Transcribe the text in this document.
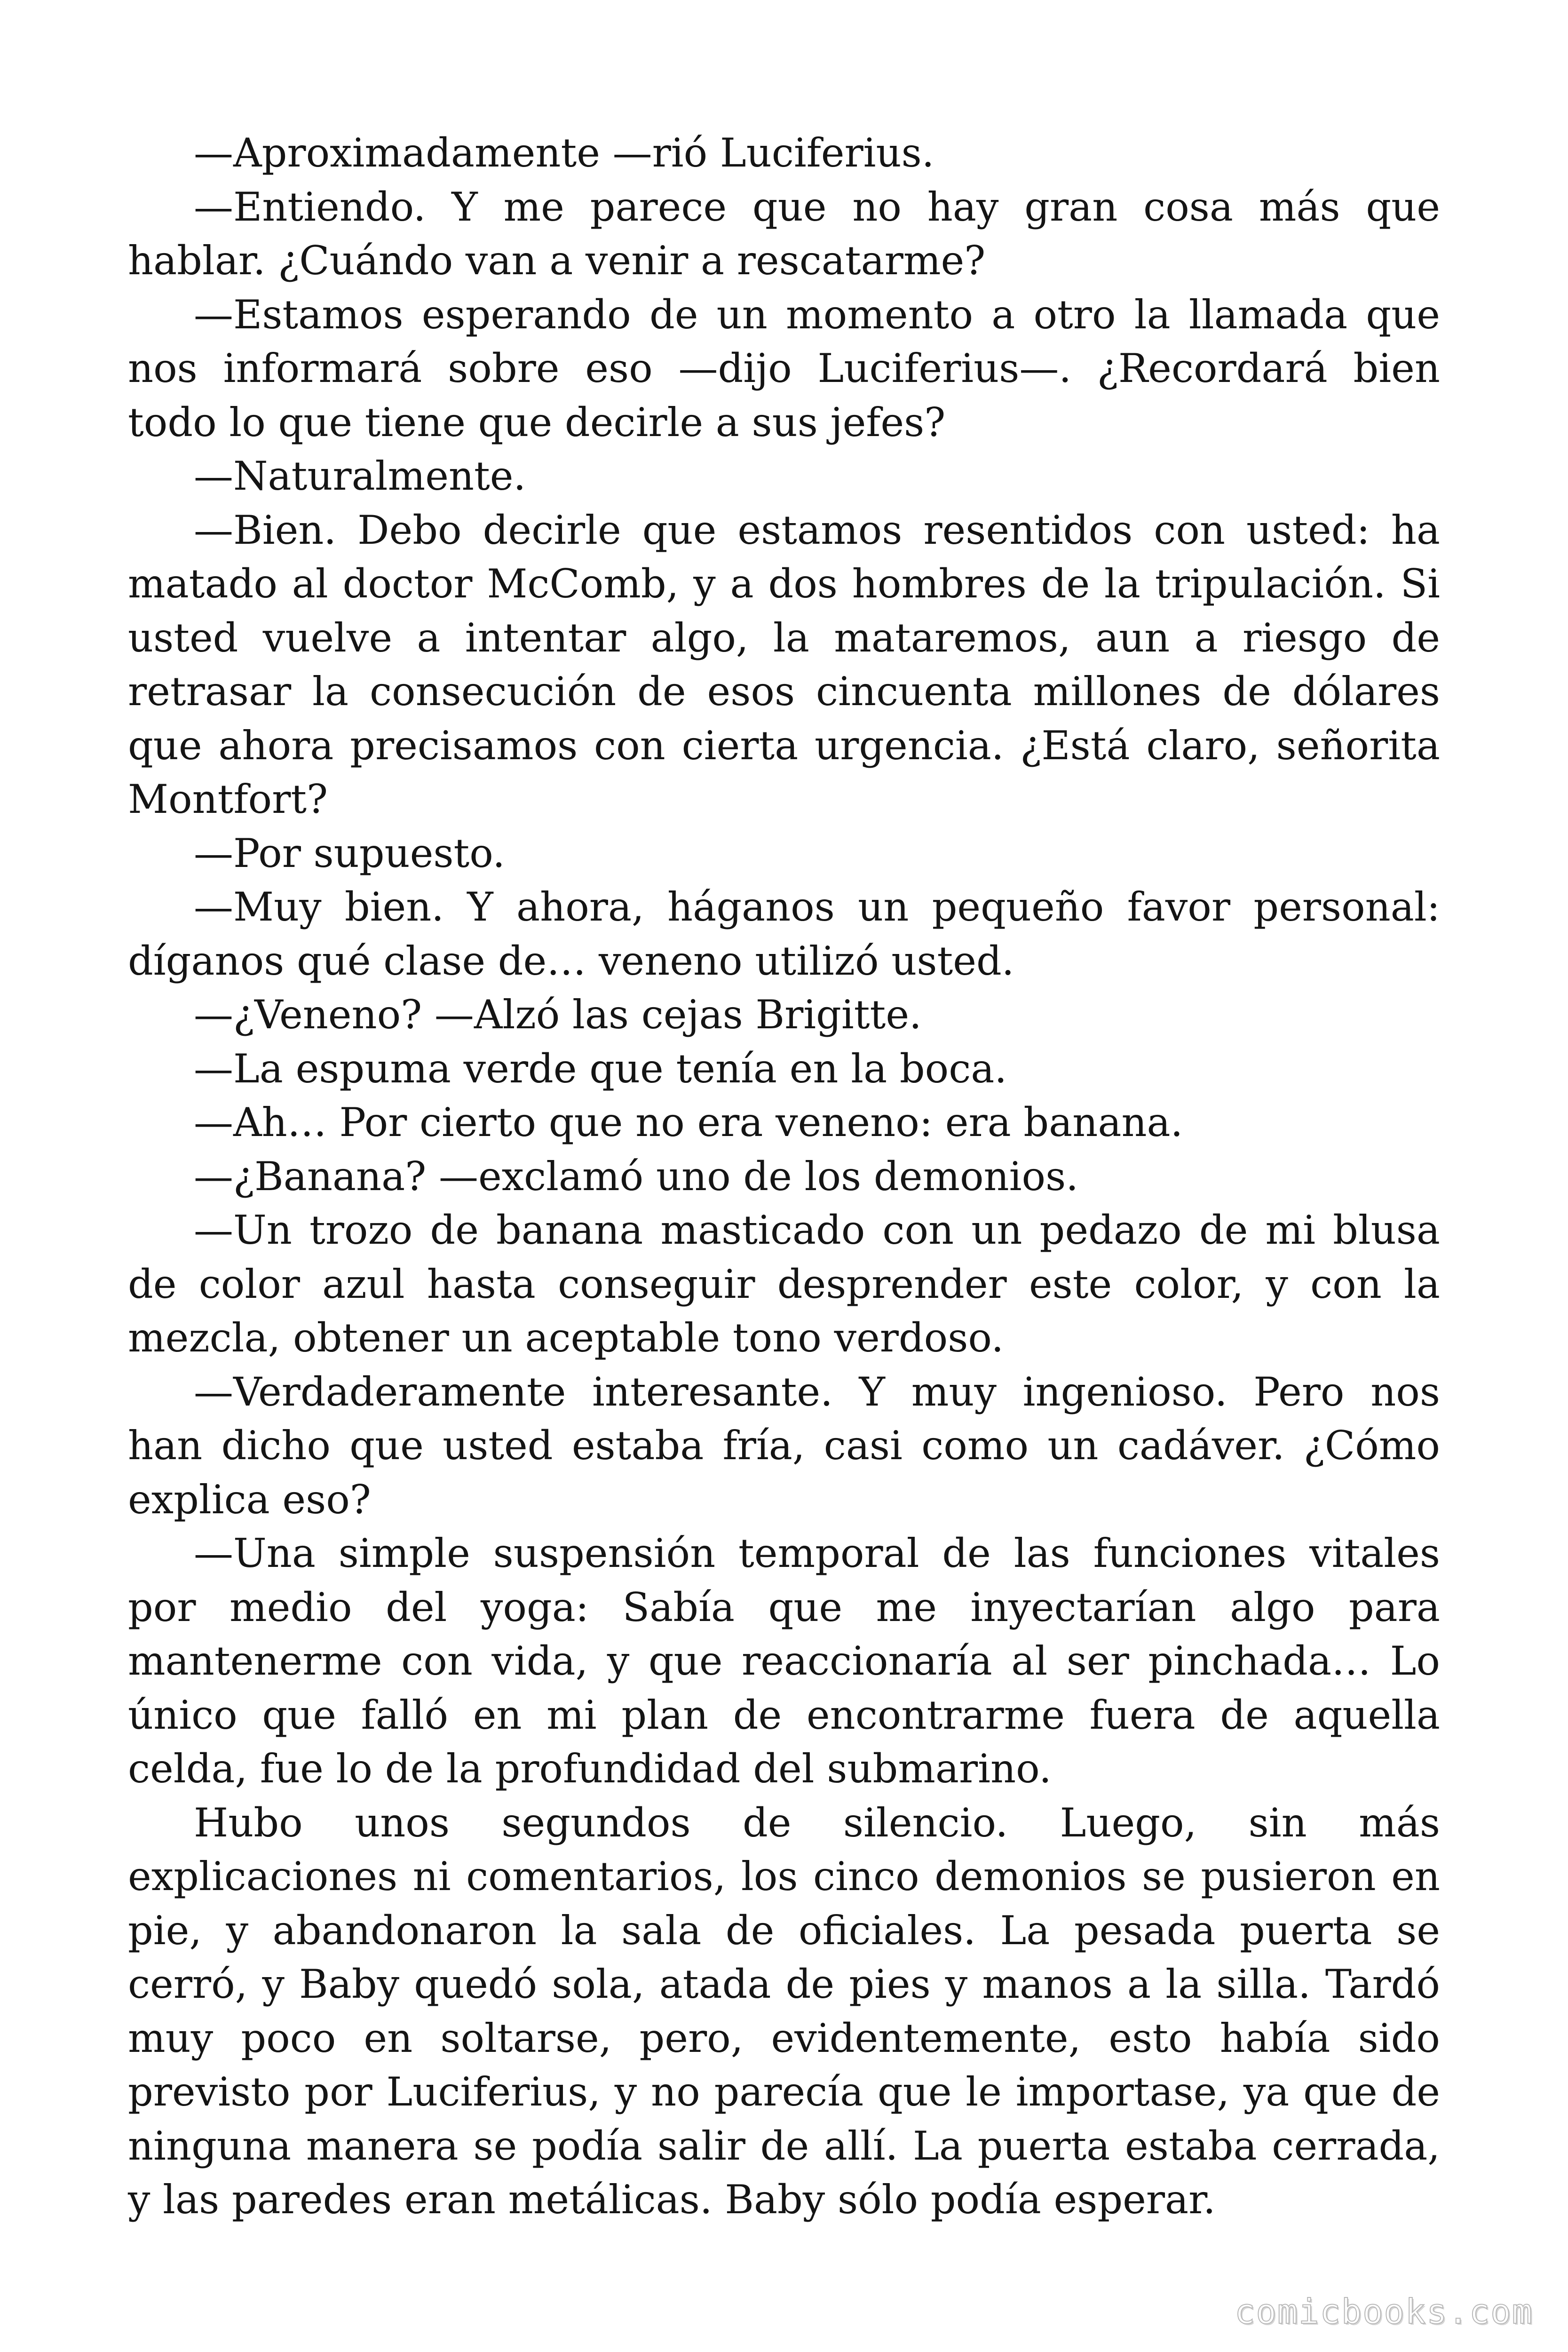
—Aproximadamente —rió Luciferius.

—Entiendo. Y me parece que no hay gran cosa más que hablar. ¿Cuándo van a venir a rescatarme?

—Estamos esperando de un momento a otro la llamada que nos informará sobre eso —dijo Luciferius—. ¿Recordará bien todo lo que tiene que decirle a sus jefes?

—Naturalmente.

—Bien. Debo decirle que estamos resentidos con usted: ha matado al doctor McComb, y a dos hombres de la tripulación. Si usted vuelve a intentar algo, la mataremos, aun a riesgo de retrasar la consecución de esos cincuenta millones de dólares que ahora precisamos con cierta urgencia. ¿Está claro, señorita Montfort?

—Por supuesto.

—Muy bien. Y ahora, háganos un pequeño favor personal: díganos qué clase de… veneno utilizó usted.

—¿Veneno? —Alzó las cejas Brigitte.

—La espuma verde que tenía en la boca.

—Ah… Por cierto que no era veneno: era banana.

—¿Banana? —exclamó uno de los demonios.

—Un trozo de banana masticado con un pedazo de mi blusa de color azul hasta conseguir desprender este color, y con la mezcla, obtener un aceptable tono verdoso.

—Verdaderamente interesante. Y muy ingenioso. Pero nos han dicho que usted estaba fría, casi como un cadáver. ¿Cómo explica eso?

—Una simple suspensión temporal de las funciones vitales por medio del yoga: Sabía que me inyectarían algo para mantenerme con vida, y que reaccionaría al ser pinchada… Lo único que falló en mi plan de encontrarme fuera de aquella celda, fue lo de la profundidad del submarino.

Hubo unos segundos de silencio. Luego, sin más explicaciones ni comentarios, los cinco demonios se pusieron en pie, y abandonaron la sala de oficiales. La pesada puerta se cerró, y Baby quedó sola, atada de pies y manos a la silla. Tardó muy poco en soltarse, pero, evidentemente, esto había sido previsto por Luciferius, y no parecía que le importase, ya que de ninguna manera se podía salir de allí. La puerta estaba cerrada, y las paredes eran metálicas. Baby sólo podía esperar.

comicbooks.com
